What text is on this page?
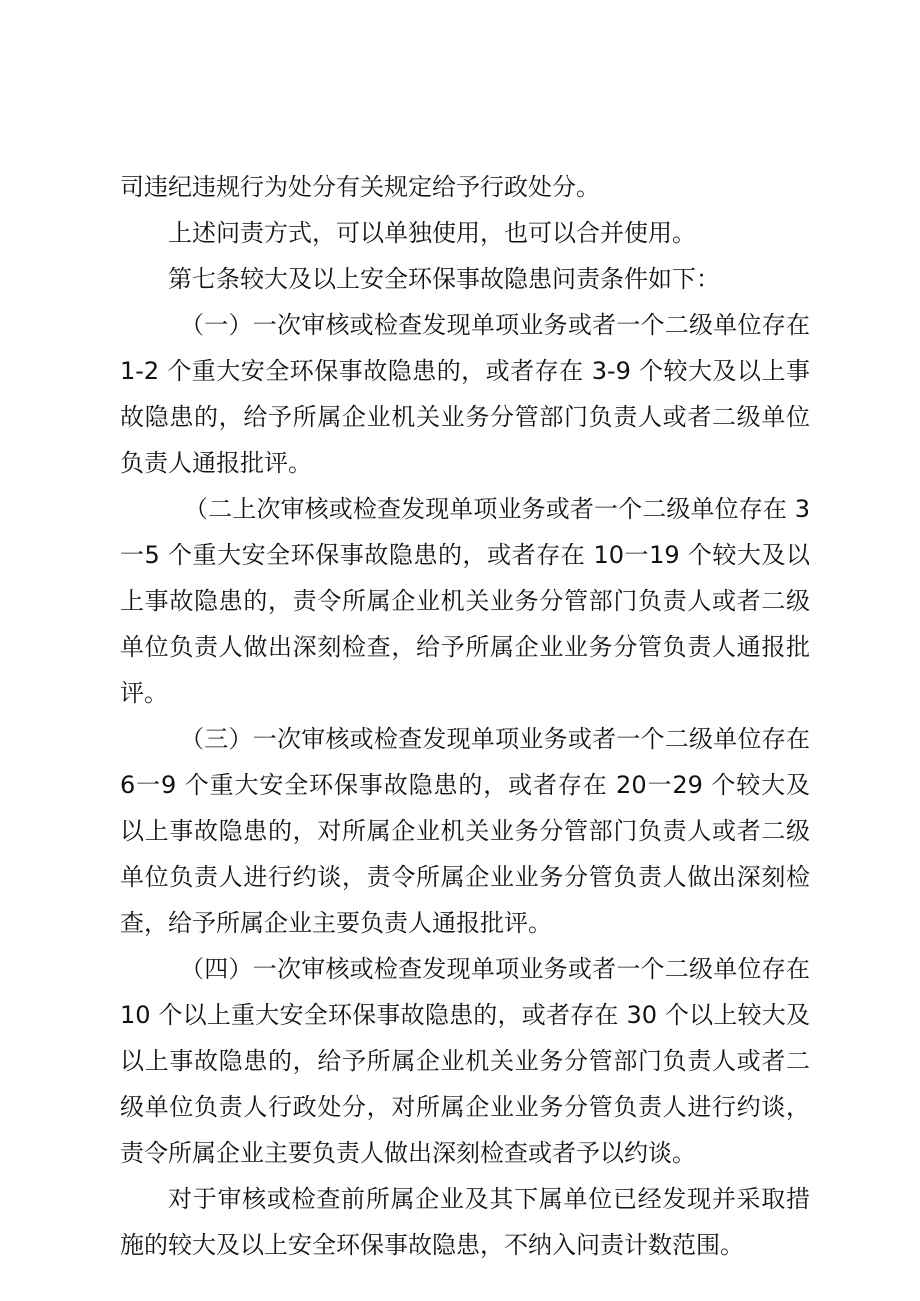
司违纪违规行为处分有关规定给予行政处分。

上述问责方式，可以单独使用，也可以合并使用。

第七条较大及以上安全环保事故隐患问责条件如下：

（一）一次审核或检查发现单项业务或者一个二级单位存在 1-2 个重大安全环保事故隐患的，或者存在 3-9 个较大及以上事故隐患的，给予所属企业机关业务分管部门负责人或者二级单位负责人通报批评。

（二上次审核或检查发现单项业务或者一个二级单位存在 3一5 个重大安全环保事故隐患的，或者存在 10一19 个较大及以上事故隐患的，责令所属企业机关业务分管部门负责人或者二级单位负责人做出深刻检查，给予所属企业业务分管负责人通报批评。

（三）一次审核或检查发现单项业务或者一个二级单位存在 6一9 个重大安全环保事故隐患的，或者存在 20一29 个较大及以上事故隐患的，对所属企业机关业务分管部门负责人或者二级单位负责人进行约谈，责令所属企业业务分管负责人做出深刻检查，给予所属企业主要负责人通报批评。

（四）一次审核或检查发现单项业务或者一个二级单位存在 10 个以上重大安全环保事故隐患的，或者存在 30 个以上较大及以上事故隐患的，给予所属企业机关业务分管部门负责人或者二级单位负责人行政处分，对所属企业业务分管负责人进行约谈，责令所属企业主要负责人做出深刻检查或者予以约谈。

对于审核或检查前所属企业及其下属单位已经发现并采取措施的较大及以上安全环保事故隐患，不纳入问责计数范围。
